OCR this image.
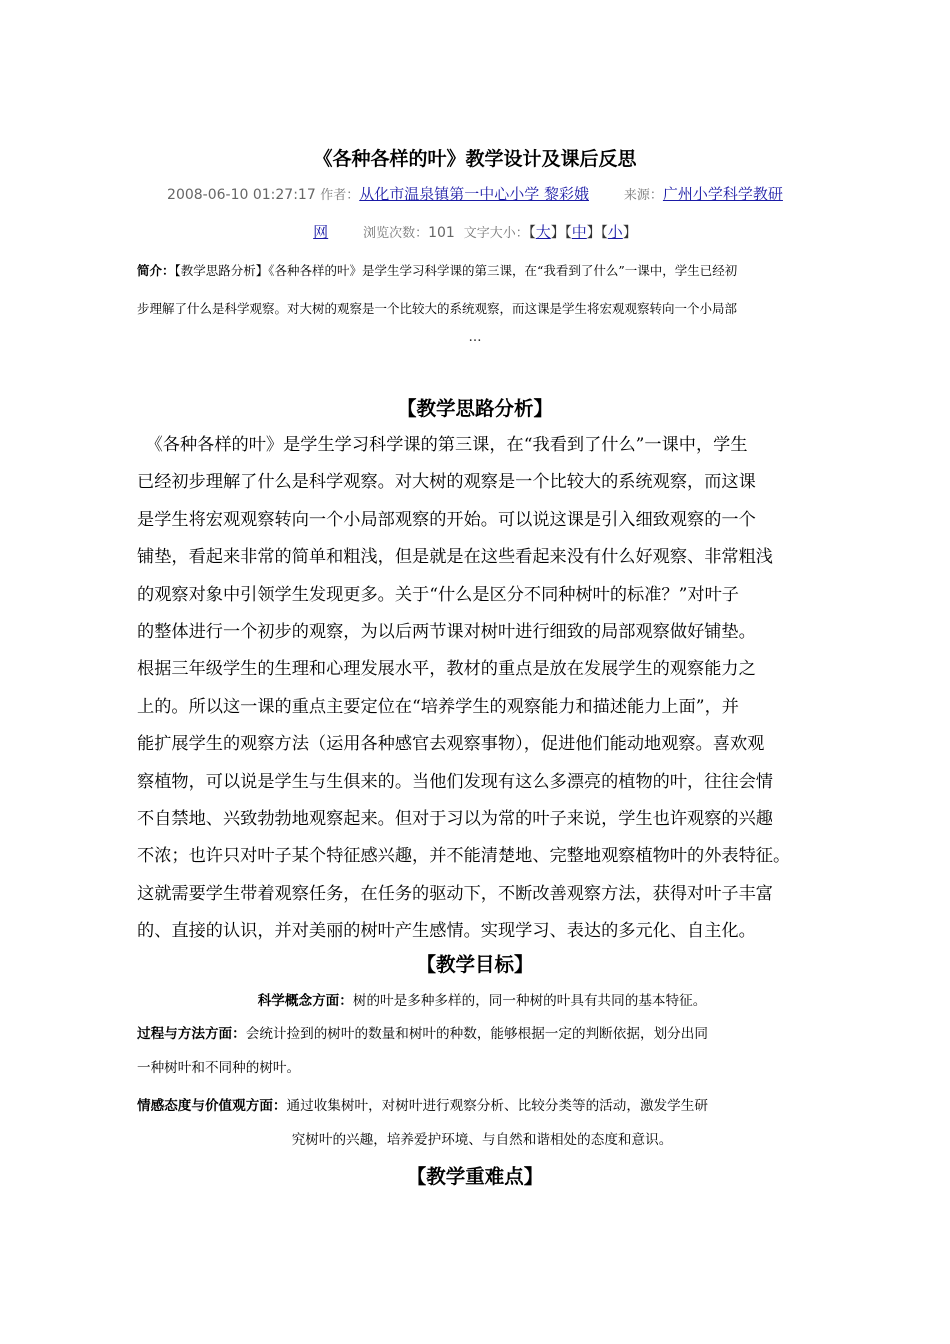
《各种各样的叶》教学设计及课后反思
2008-06-10 01:27:17 作者：从化市温泉镇第一中心小学 黎彩娥	来源：广州小学科学教研
网	浏览次数：101 文字大小：【大】【中】【小】
简介：【教学思路分析】《各种各样的叶》是学生学习科学课的第三课，在“我看到了什么”一课中，学生已经初
步理解了什么是科学观察。对大树的观察是一个比较大的系统观察，而这课是学生将宏观观察转向一个小局部
…
【教学思路分析】
　《各种各样的叶》是学生学习科学课的第三课，在“我看到了什么”一课中，学生
已经初步理解了什么是科学观察。对大树的观察是一个比较大的系统观察，而这课
是学生将宏观观察转向一个小局部观察的开始。可以说这课是引入细致观察的一个
铺垫，看起来非常的简单和粗浅，但是就是在这些看起来没有什么好观察、非常粗浅
的观察对象中引领学生发现更多。关于“什么是区分不同种树叶的标准？”对叶子
的整体进行一个初步的观察，为以后两节课对树叶进行细致的局部观察做好铺垫。
根据三年级学生的生理和心理发展水平，教材的重点是放在发展学生的观察能力之
上的。所以这一课的重点主要定位在“培养学生的观察能力和描述能力上面”，并
能扩展学生的观察方法（运用各种感官去观察事物），促进他们能动地观察。喜欢观
察植物，可以说是学生与生俱来的。当他们发现有这么多漂亮的植物的叶，往往会情
不自禁地、兴致勃勃地观察起来。但对于习以为常的叶子来说，学生也许观察的兴趣
不浓；也许只对叶子某个特征感兴趣，并不能清楚地、完整地观察植物叶的外表特征。
这就需要学生带着观察任务，在任务的驱动下，不断改善观察方法，获得对叶子丰富
的、直接的认识，并对美丽的树叶产生感情。实现学习、表达的多元化、自主化。
【教学目标】
科学概念方面：树的叶是多种多样的，同一种树的叶具有共同的基本特征。
过程与方法方面：会统计捡到的树叶的数量和树叶的种数，能够根据一定的判断依据，划分出同
一种树叶和不同种的树叶。
情感态度与价值观方面：通过收集树叶，对树叶进行观察分析、比较分类等的活动，激发学生研
究树叶的兴趣，培养爱护环境、与自然和谐相处的态度和意识。
【教学重难点】
